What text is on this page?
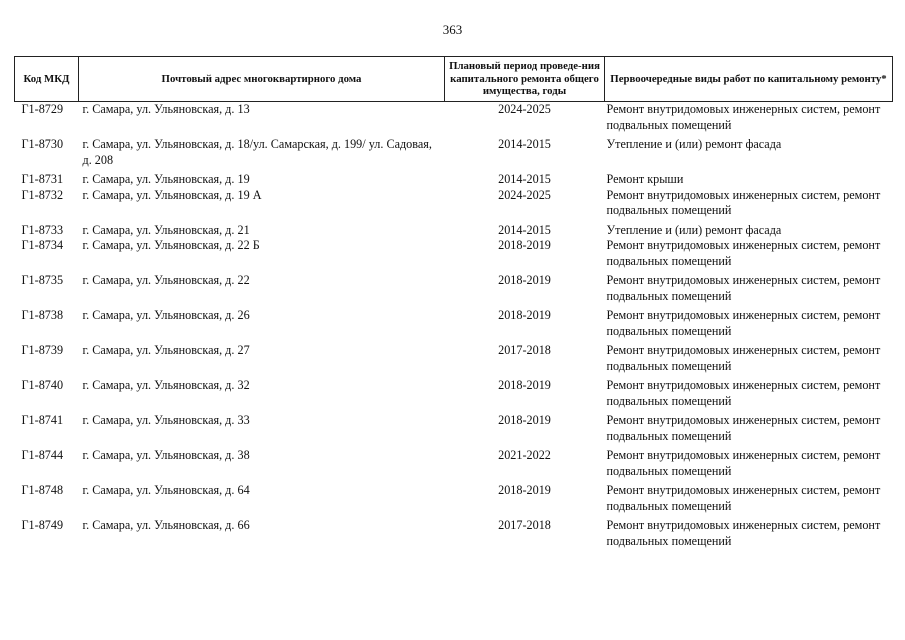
363
Код МКД	Почтовый адрес многоквартирного дома	Плановый период проведе-ния капитального ремонта общего имущества, годы	Первоочередные виды работ по капитальному ремонту*
Г1-8729	г. Самара, ул. Ульяновская, д. 13	2024-2025	Ремонт внутридомовых инженерных систем, ремонт подвальных помещений
Г1-8730	г. Самара, ул. Ульяновская, д. 18/ул. Самарская, д. 199/ ул. Садовая, д. 208	2014-2015	Утепление и (или) ремонт фасада
Г1-8731	г. Самара, ул. Ульяновская, д. 19	2014-2015	Ремонт крыши
Г1-8732	г. Самара, ул. Ульяновская, д. 19 А	2024-2025	Ремонт внутридомовых инженерных систем, ремонт подвальных помещений
Г1-8733	г. Самара, ул. Ульяновская, д. 21	2014-2015	Утепление и (или) ремонт фасада
Г1-8734	г. Самара, ул. Ульяновская, д. 22 Б	2018-2019	Ремонт внутридомовых инженерных систем, ремонт подвальных помещений
Г1-8735	г. Самара, ул. Ульяновская, д. 22	2018-2019	Ремонт внутридомовых инженерных систем, ремонт подвальных помещений
Г1-8738	г. Самара, ул. Ульяновская, д. 26	2018-2019	Ремонт внутридомовых инженерных систем, ремонт подвальных помещений
Г1-8739	г. Самара, ул. Ульяновская, д. 27	2017-2018	Ремонт внутридомовых инженерных систем, ремонт подвальных помещений
Г1-8740	г. Самара, ул. Ульяновская, д. 32	2018-2019	Ремонт внутридомовых инженерных систем, ремонт подвальных помещений
Г1-8741	г. Самара, ул. Ульяновская, д. 33	2018-2019	Ремонт внутридомовых инженерных систем, ремонт подвальных помещений
Г1-8744	г. Самара, ул. Ульяновская, д. 38	2021-2022	Ремонт внутридомовых инженерных систем, ремонт подвальных помещений
Г1-8748	г. Самара, ул. Ульяновская, д. 64	2018-2019	Ремонт внутридомовых инженерных систем, ремонт подвальных помещений
Г1-8749	г. Самара, ул. Ульяновская, д. 66	2017-2018	Ремонт внутридомовых инженерных систем, ремонт подвальных помещений
